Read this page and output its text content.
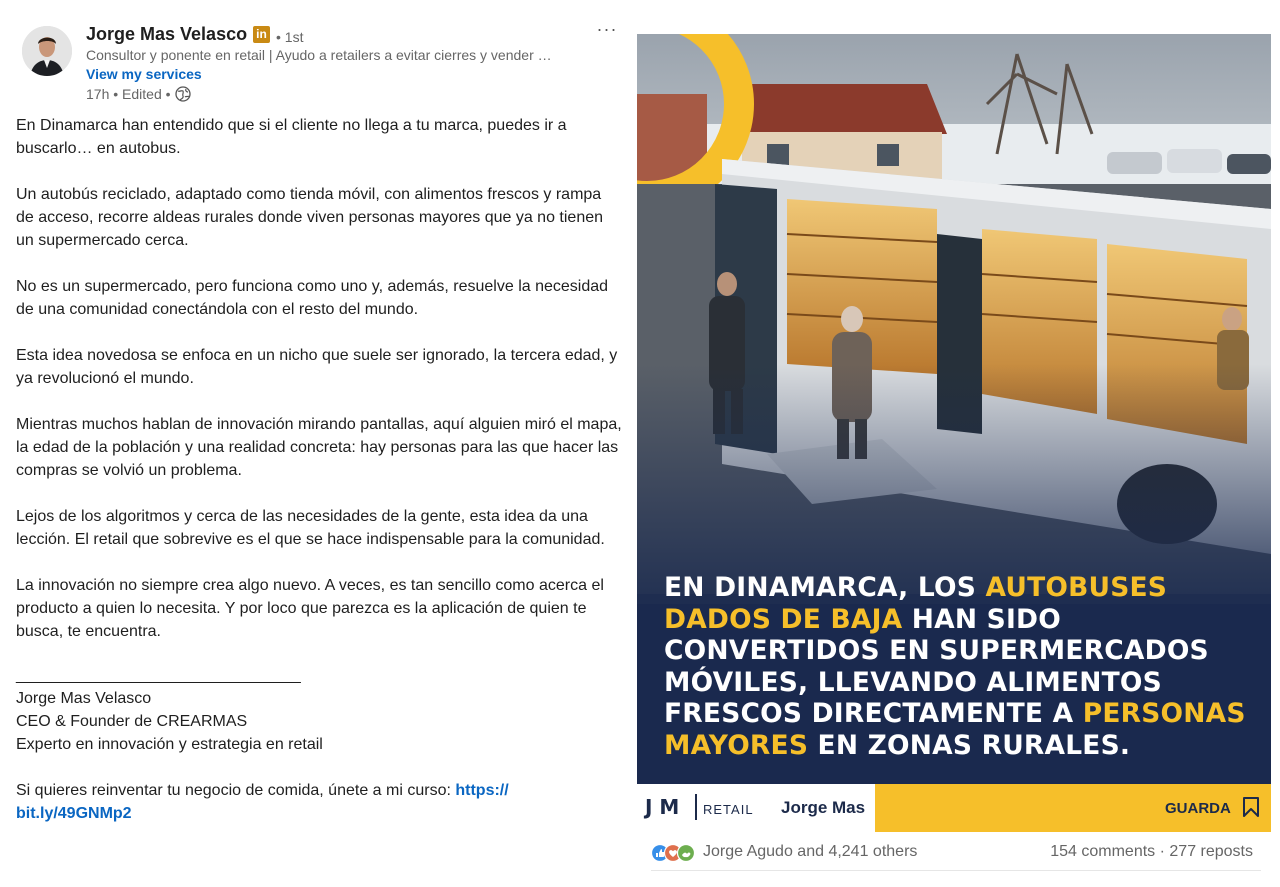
Jorge Mas Velasco in • 1st
Consultor y ponente en retail | Ayudo a retailers a evitar cierres y vender …
View my services
17h • Edited •
···

En Dinamarca han entendido que si el cliente no llega a tu marca, puedes ir a buscarlo… en autobus.

Un autobús reciclado, adaptado como tienda móvil, con alimentos frescos y rampa de acceso, recorre aldeas rurales donde viven personas mayores que ya no tienen un supermercado cerca.

No es un supermercado, pero funciona como uno y, además, resuelve la necesidad de una comunidad conectándola con el resto del mundo.

Esta idea novedosa se enfoca en un nicho que suele ser ignorado, la tercera edad, y ya revolucionó el mundo.

Mientras muchos hablan de innovación mirando pantallas, aquí alguien miró el mapa, la edad de la población y una realidad concreta: hay personas para las que hacer las compras se volvió un problema.

Lejos de los algoritmos y cerca de las necesidades de la gente, esta idea da una lección. El retail que sobrevive es el que se hace indispensable para la comunidad.

La innovación no siempre crea algo nuevo. A veces, es tan sencillo como acerca el producto a quien lo necesita. Y por loco que parezca es la aplicación de quien te busca, te encuentra.

________________________________
Jorge Mas Velasco
CEO & Founder de CREARMAS
Experto en innovación y estrategia en retail
Si quieres reinventar tu negocio de comida, únete a mi curso: https:// bit.ly/49GNMp2
EN DINAMARCA, LOS AUTOBUSES DADOS DE BAJA HAN SIDO CONVERTIDOS EN SUPERMERCADOS MÓVILES, LLEVANDO ALIMENTOS FRESCOS DIRECTAMENTE A PERSONAS MAYORES EN ZONAS RURALES.
J M RETAIL Jorge Mas	GUARDA
Jorge Agudo and 4,241 others	154 comments · 277 reposts
